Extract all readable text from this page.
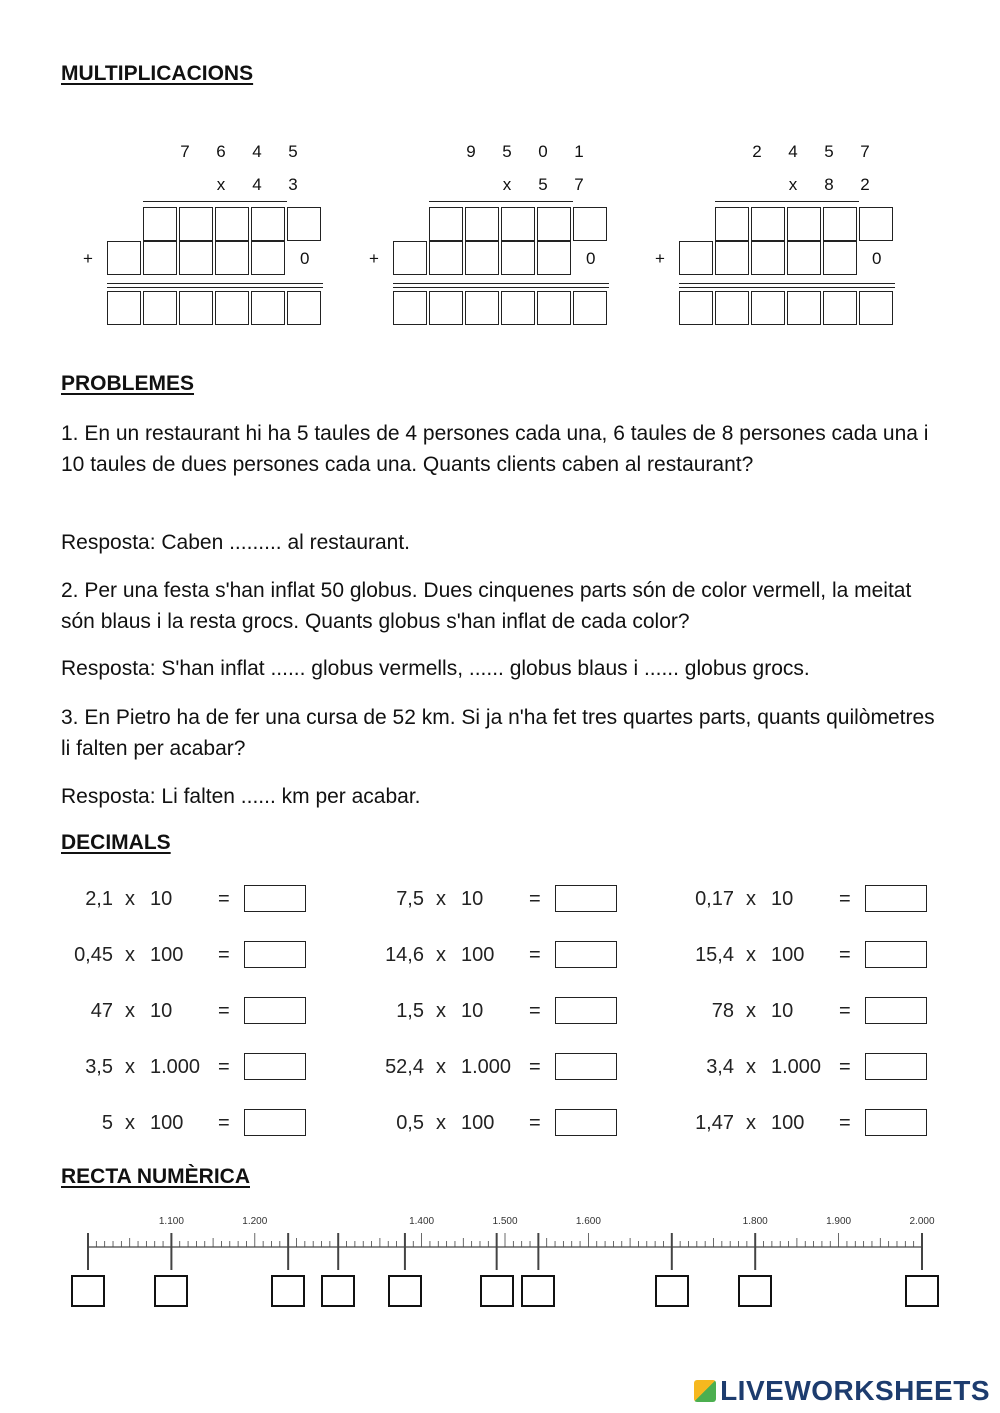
MULTIPLICACIONS
7	6	4	5
x	4	3
0
+
9	5	0	1
x	5	7
0
+
2	4	5	7
x	8	2
0
+
PROBLEMES

1. En un restaurant hi ha 5 taules de 4 persones cada una, 6 taules de 8 persones cada una i 10 taules de dues persones cada una. Quants clients caben al restaurant?

Resposta: Caben ......... al restaurant.

2. Per una festa s'han inflat 50 globus. Dues cinquenes parts són de color vermell, la meitat són blaus i la resta grocs. Quants globus s'han inflat de cada color?

Resposta: S'han inflat ...... globus vermells, ...... globus blaus i ...... globus grocs.

3. En Pietro ha de fer una cursa de 52 km. Si ja n'ha fet tres quartes parts, quants quilòmetres li falten per acabar?

Resposta: Li falten ...... km per acabar.

DECIMALS
2,1 x 10 =	7,5 x 10 =	0,17 x 10 =
0,45 x 100 =	14,6 x 100 =	15,4 x 100 =
47 x 10 =	1,5 x 10 =	78 x 10 =
3,5 x 1.000 =	52,4 x 1.000 =	3,4 x 1.000 =
5 x 100 =	0,5 x 100 =	1,47 x 100 =
RECTA NUMÈRICA
1.100	1.200	1.400	1.500	1.600	1.800	1.900	2.000
LIVEWORKSHEETS
